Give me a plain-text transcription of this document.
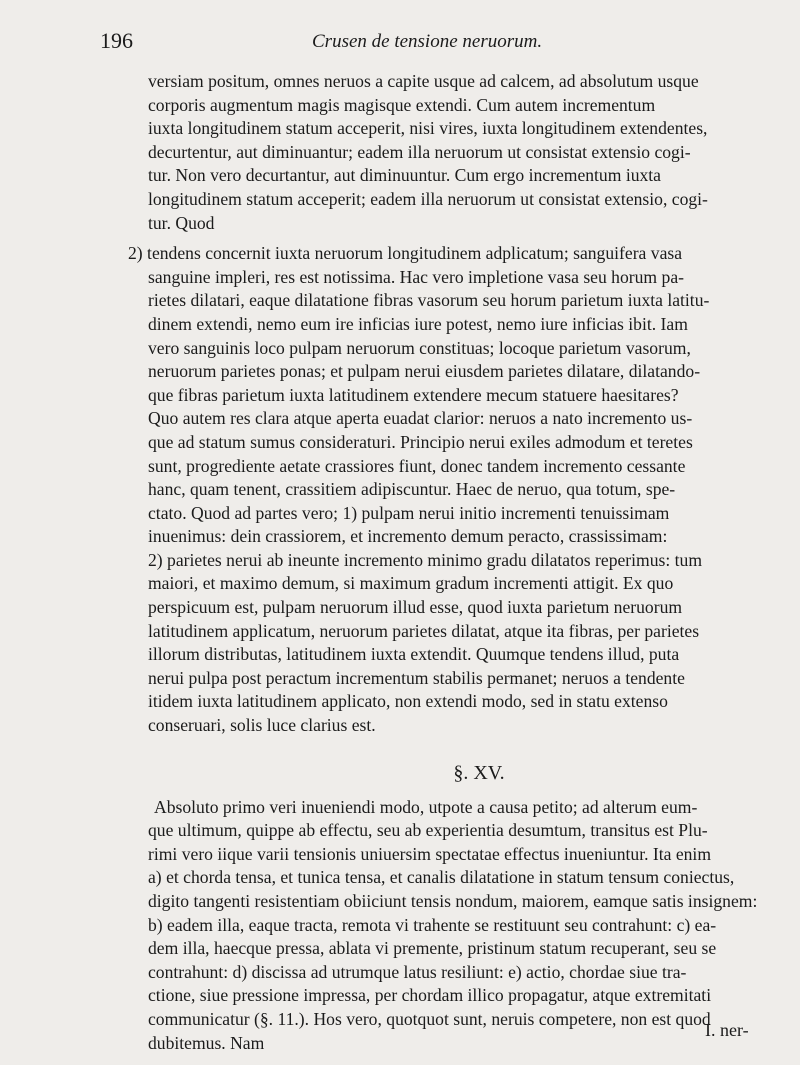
196	Crusen de tensione neruorum.
versiam positum, omnes neruos a capite usque ad calcem, ad absolutum usque
corporis augmentum magis magisque extendi. Cum autem incrementum
iuxta longitudinem statum acceperit, nisi vires, iuxta longitudinem extendentes,
decurtentur, aut diminuantur; eadem illa neruorum ut consistat extensio cogi-
tur. Non vero decurtantur, aut diminuuntur. Cum ergo incrementum iuxta
longitudinem statum acceperit; eadem illa neruorum ut consistat extensio, cogi-
tur. Quod
2) tendens concernit iuxta neruorum longitudinem adplicatum; sanguifera vasa
sanguine impleri, res est notissima. Hac vero impletione vasa seu horum pa-
rietes dilatari, eaque dilatatione fibras vasorum seu horum parietum iuxta latitu-
dinem extendi, nemo eum ire inficias iure potest, nemo iure inficias ibit. Iam
vero sanguinis loco pulpam neruorum constituas; locoque parietum vasorum,
neruorum parietes ponas; et pulpam nerui eiusdem parietes dilatare, dilatando-
que fibras parietum iuxta latitudinem extendere mecum statuere haesitares?
Quo autem res clara atque aperta euadat clarior: neruos a nato incremento us-
que ad statum sumus consideraturi. Principio nerui exiles admodum et teretes
sunt, progrediente aetate crassiores fiunt, donec tandem incremento cessante
hanc, quam tenent, crassitiem adipiscuntur. Haec de neruo, qua totum, spe-
ctato. Quod ad partes vero; 1) pulpam nerui initio incrementi tenuissimam
inuenimus: dein crassiorem, et incremento demum peracto, crassissimam:
2) parietes nerui ab ineunte incremento minimo gradu dilatatos reperimus: tum
maiori, et maximo demum, si maximum gradum incrementi attigit. Ex quo
perspicuum est, pulpam neruorum illud esse, quod iuxta parietum neruorum
latitudinem applicatum, neruorum parietes dilatat, atque ita fibras, per parietes
illorum distributas, latitudinem iuxta extendit. Quumque tendens illud, puta
nerui pulpa post peractum incrementum stabilis permanet; neruos a tendente
itidem iuxta latitudinem applicato, non extendi modo, sed in statu extenso
conseruari, solis luce clarius est.
§. XV.
Absoluto primo veri inueniendi modo, utpote a causa petito; ad alterum eum-
que ultimum, quippe ab effectu, seu ab experientia desumtum, transitus est Plu-
rimi vero iique varii tensionis uniuersim spectatae effectus inueniuntur. Ita enim
a) et chorda tensa, et tunica tensa, et canalis dilatatione in statum tensum coniectus,
digito tangenti resistentiam obiiciunt tensis nondum, maiorem, eamque satis insignem:
b) eadem illa, eaque tracta, remota vi trahente se restituunt seu contrahunt: c) ea-
dem illa, haecque pressa, ablata vi premente, pristinum statum recuperant, seu se
contrahunt: d) discissa ad utrumque latus resiliunt: e) actio, chordae siue tra-
ctione, siue pressione impressa, per chordam illico propagatur, atque extremitati
communicatur (§. 11.). Hos vero, quotquot sunt, neruis competere, non est quod
dubitemus. Nam
I. ner-
